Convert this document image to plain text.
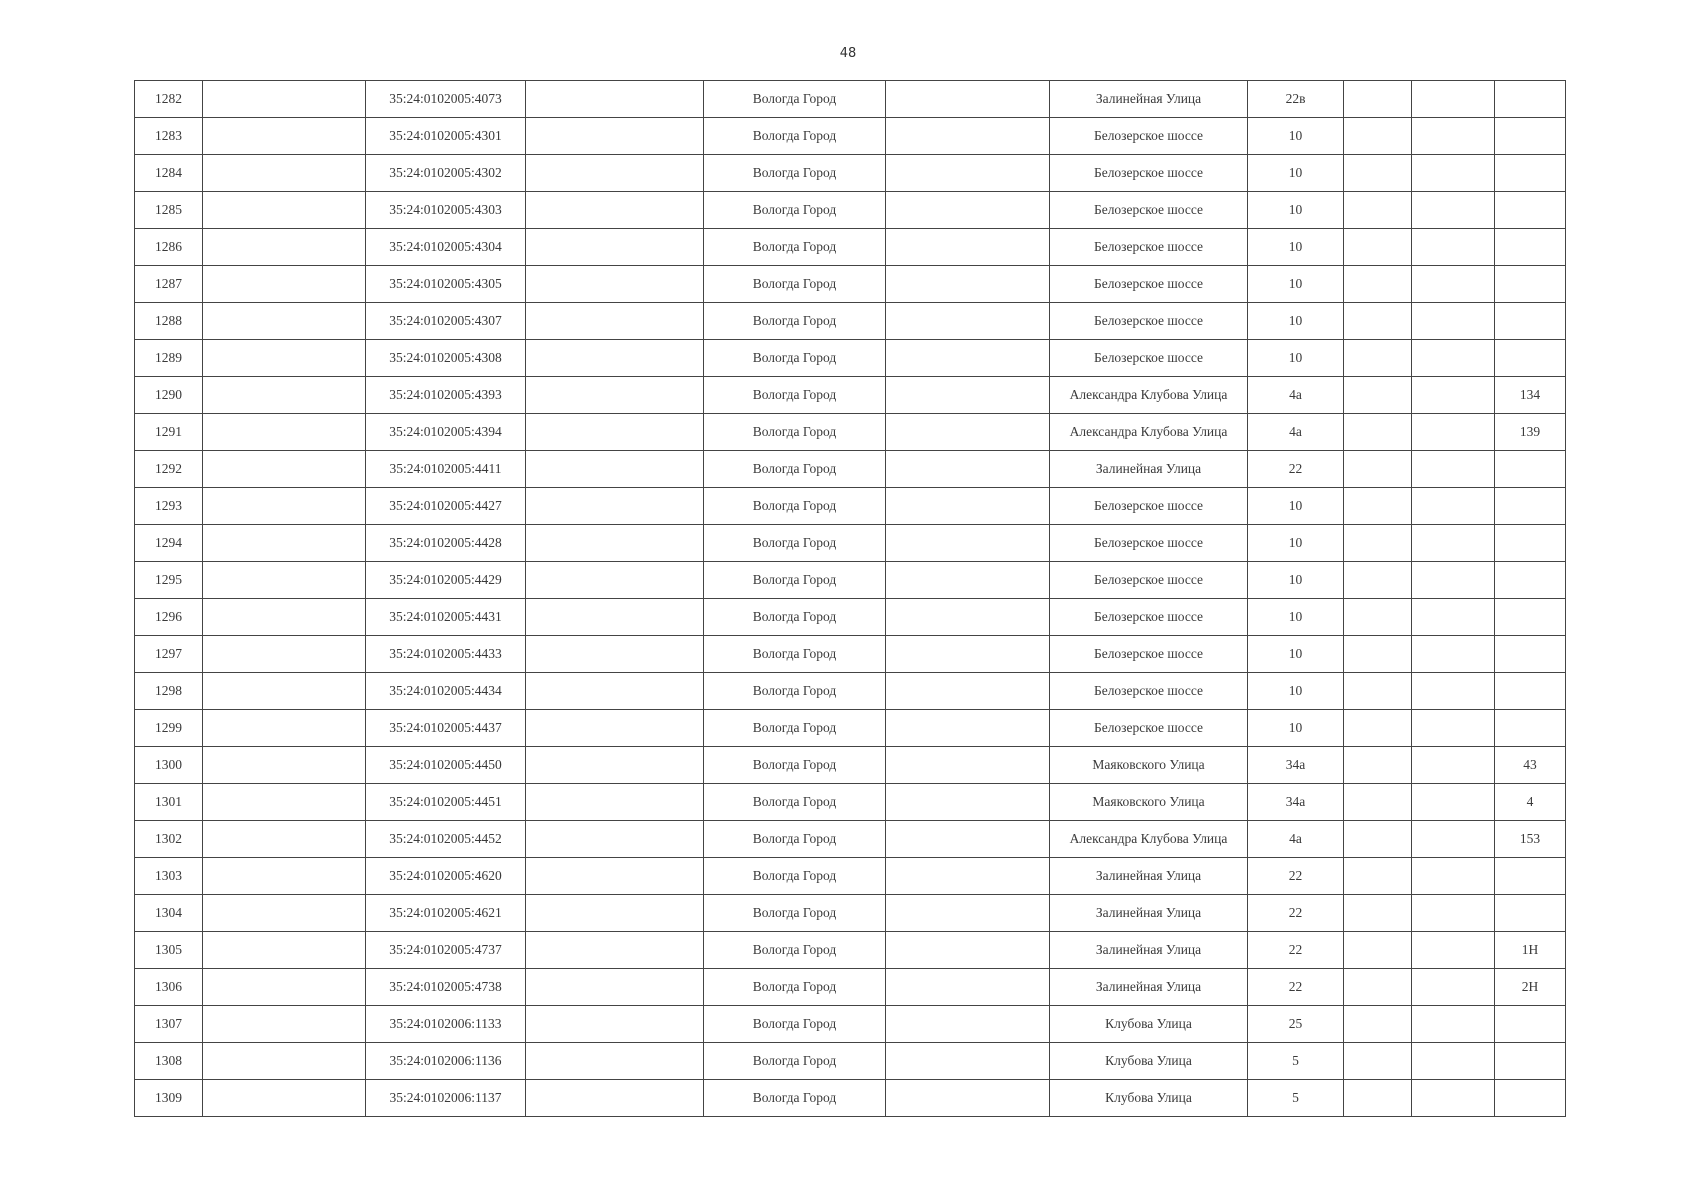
48
1282		35:24:0102005:4073		Вологда Город		Залинейная Улица	22в			
1283		35:24:0102005:4301		Вологда Город		Белозерское шоссе	10			
1284		35:24:0102005:4302		Вологда Город		Белозерское шоссе	10			
1285		35:24:0102005:4303		Вологда Город		Белозерское шоссе	10			
1286		35:24:0102005:4304		Вологда Город		Белозерское шоссе	10			
1287		35:24:0102005:4305		Вологда Город		Белозерское шоссе	10			
1288		35:24:0102005:4307		Вологда Город		Белозерское шоссе	10			
1289		35:24:0102005:4308		Вологда Город		Белозерское шоссе	10			
1290		35:24:0102005:4393		Вологда Город		Александра Клубова Улица	4а			134
1291		35:24:0102005:4394		Вологда Город		Александра Клубова Улица	4а			139
1292		35:24:0102005:4411		Вологда Город		Залинейная Улица	22			
1293		35:24:0102005:4427		Вологда Город		Белозерское шоссе	10			
1294		35:24:0102005:4428		Вологда Город		Белозерское шоссе	10			
1295		35:24:0102005:4429		Вологда Город		Белозерское шоссе	10			
1296		35:24:0102005:4431		Вологда Город		Белозерское шоссе	10			
1297		35:24:0102005:4433		Вологда Город		Белозерское шоссе	10			
1298		35:24:0102005:4434		Вологда Город		Белозерское шоссе	10			
1299		35:24:0102005:4437		Вологда Город		Белозерское шоссе	10			
1300		35:24:0102005:4450		Вологда Город		Маяковского Улица	34а			43
1301		35:24:0102005:4451		Вологда Город		Маяковского Улица	34а			4
1302		35:24:0102005:4452		Вологда Город		Александра Клубова Улица	4а			153
1303		35:24:0102005:4620		Вологда Город		Залинейная Улица	22			
1304		35:24:0102005:4621		Вологда Город		Залинейная Улица	22			
1305		35:24:0102005:4737		Вологда Город		Залинейная Улица	22			1Н
1306		35:24:0102005:4738		Вологда Город		Залинейная Улица	22			2Н
1307		35:24:0102006:1133		Вологда Город		Клубова Улица	25			
1308		35:24:0102006:1136		Вологда Город		Клубова Улица	5			
1309		35:24:0102006:1137		Вологда Город		Клубова Улица	5			
